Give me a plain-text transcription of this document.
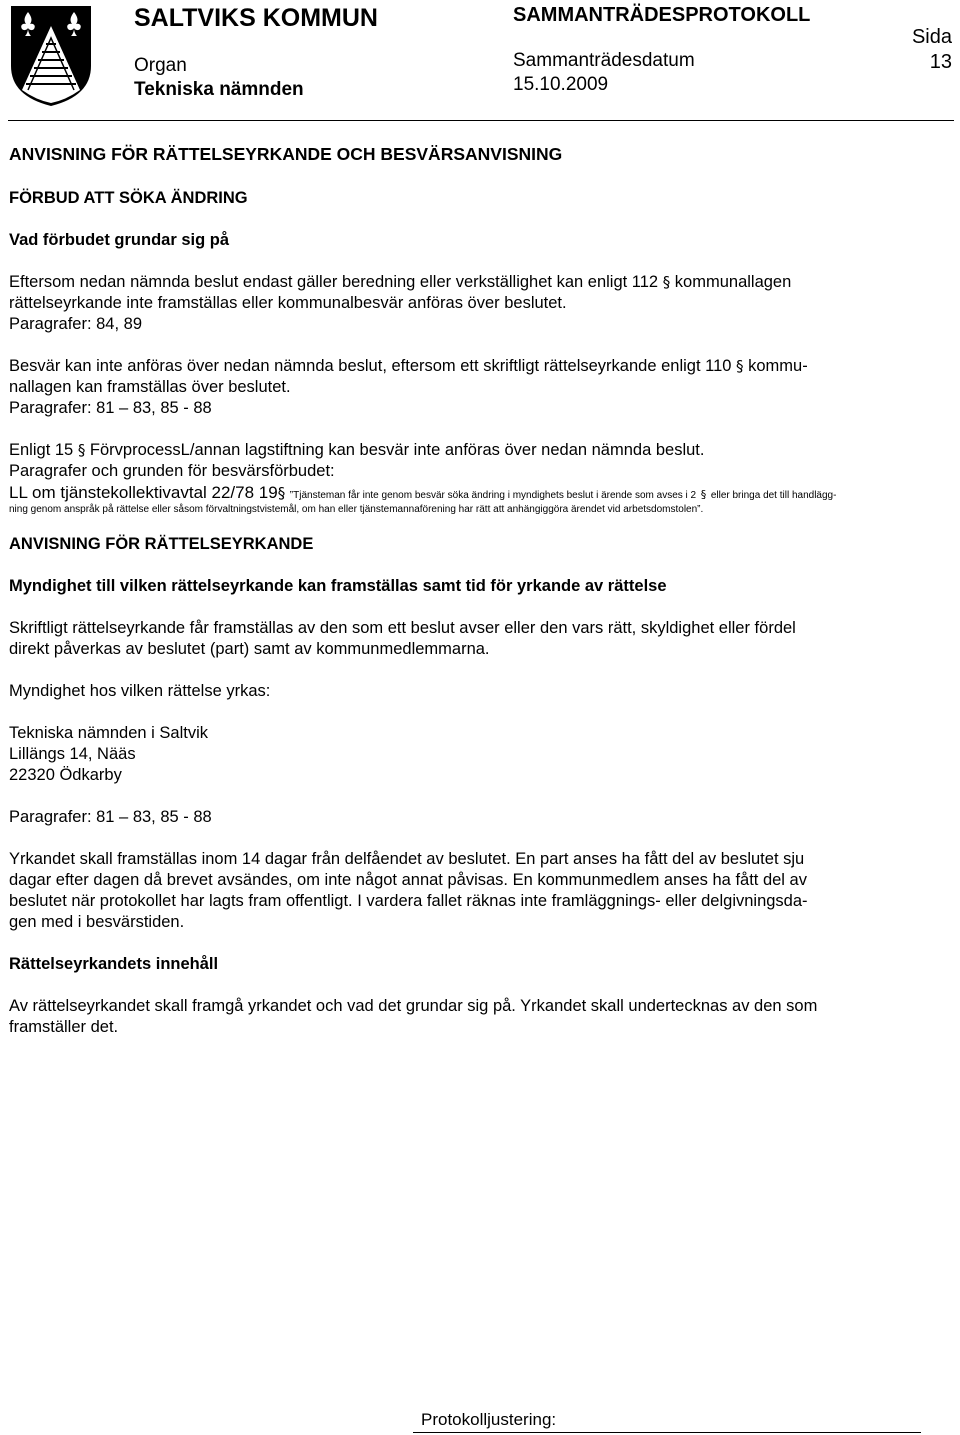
SALTVIKS KOMMUN	SAMMANTRÄDESPROTOKOLL
Organ
Tekniska nämnden
Sammanträdesdatum
15.10.2009
Sida
13
ANVISNING FÖR RÄTTELSEYRKANDE OCH BESVÄRSANVISNING
FÖRBUD ATT SÖKA ÄNDRING
Vad förbudet grundar sig på

Eftersom nedan nämnda beslut endast gäller beredning eller verkställighet kan enligt 112 § kommunallagen
rättelseyrkande inte framställas eller kommunalbesvär anföras över beslutet.

Paragrafer: 84, 89

Besvär kan inte anföras över nedan nämnda beslut, eftersom ett skriftligt rättelseyrkande enligt 110 § kommu-
nallagen kan framställas över beslutet.

Paragrafer: 81 – 83, 85 - 88

Enligt 15 § FörvprocessL/annan lagstiftning kan besvär inte anföras över nedan nämnda beslut.

Paragrafer och grunden för besvärsförbudet:
LL om tjänstekollektivavtal 22/78 19§ ”Tjänsteman får inte genom besvär söka ändring i myndighets beslut i ärende som avses i 2 § eller bringa det till handlägg-
ning genom anspråk på rättelse eller såsom förvaltningstvistemål, om han eller tjänstemannaförening har rätt att anhängiggöra ärendet vid arbetsdomstolen”.
ANVISNING FÖR RÄTTELSEYRKANDE
Myndighet till vilken rättelseyrkande kan framställas samt tid för yrkande av rättelse

Skriftligt rättelseyrkande får framställas av den som ett beslut avser eller den vars rätt, skyldighet eller fördel
direkt påverkas av beslutet (part) samt av kommunmedlemmarna.

Myndighet hos vilken rättelse yrkas:
Tekniska nämnden i Saltvik
Lillängs 14, Nääs
22320 Ödkarby
Paragrafer: 81 – 83, 85 - 88

Yrkandet skall framställas inom 14 dagar från delfåendet av beslutet. En part anses ha fått del av beslutet sju
dagar efter dagen då brevet avsändes, om inte något annat påvisas. En kommunmedlem anses ha fått del av
beslutet när protokollet har lagts fram offentligt. I vardera fallet räknas inte framläggnings- eller delgivningsda-
gen med i besvärstiden.

Rättelseyrkandets innehåll

Av rättelseyrkandet skall framgå yrkandet och vad det grundar sig på. Yrkandet skall undertecknas av den som
framställer det.

Protokolljustering:
